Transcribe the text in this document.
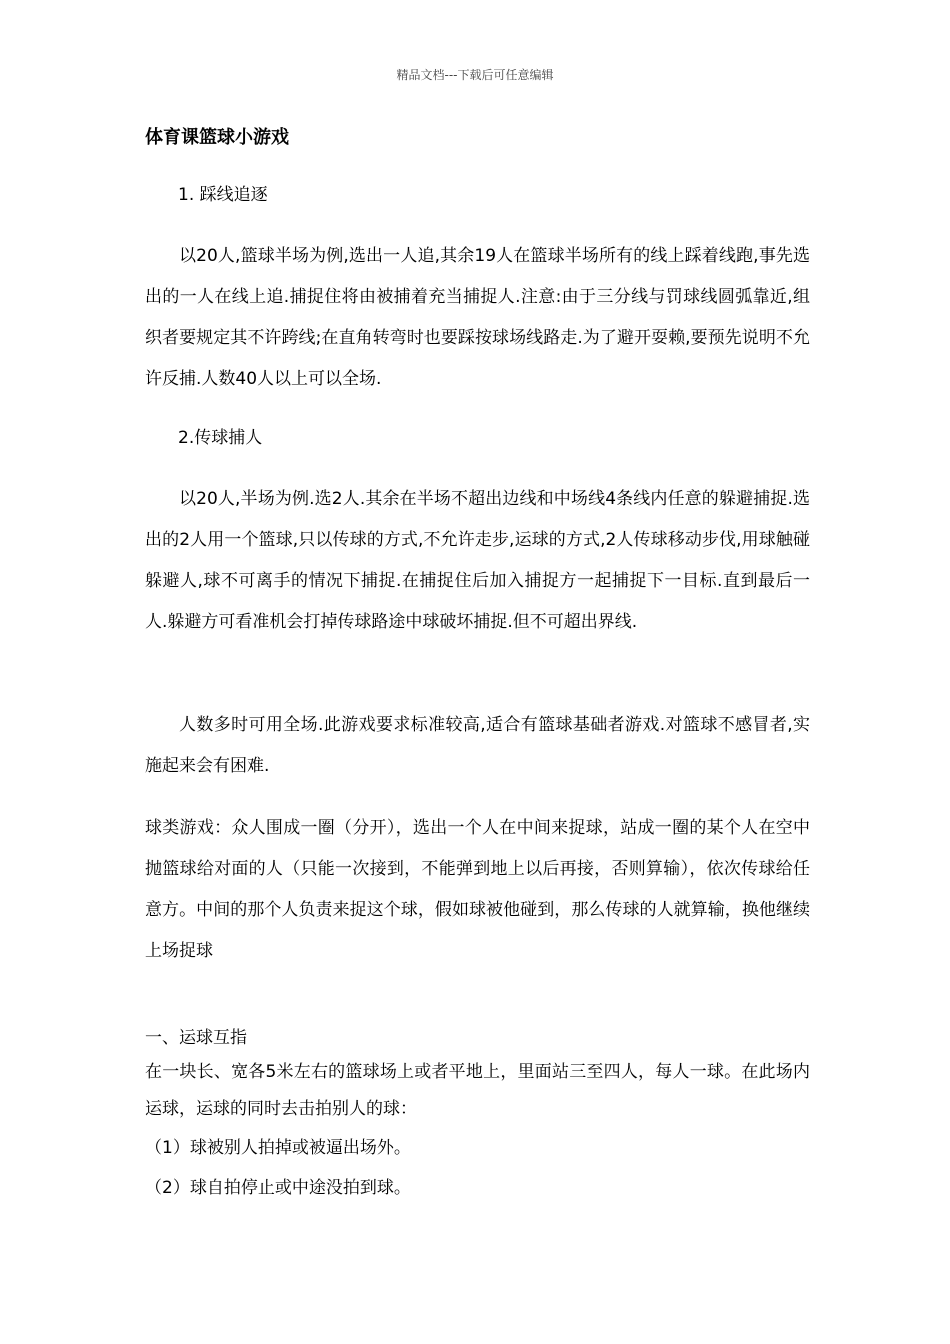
精品文档---下载后可任意编辑
体育课篮球小游戏
1. 踩线追逐
以20人,篮球半场为例,选出一人追,其余19人在篮球半场所有的线上踩着线跑,事先选出的一人在线上追.捕捉住将由被捕着充当捕捉人.注意:由于三分线与罚球线圆弧靠近,组织者要规定其不许跨线;在直角转弯时也要踩按球场线路走.为了避开耍赖,要预先说明不允许反捕.人数40人以上可以全场.
2.传球捕人
以20人,半场为例.选2人.其余在半场不超出边线和中场线4条线内任意的躲避捕捉.选出的2人用一个篮球,只以传球的方式,不允许走步,运球的方式,2人传球移动步伐,用球触碰躲避人,球不可离手的情况下捕捉.在捕捉住后加入捕捉方一起捕捉下一目标.直到最后一人.躲避方可看准机会打掉传球路途中球破坏捕捉.但不可超出界线.
人数多时可用全场.此游戏要求标准较高,适合有篮球基础者游戏.对篮球不感冒者,实施起来会有困难.
球类游戏：众人围成一圈（分开），选出一个人在中间来捉球，站成一圈的某个人在空中抛篮球给对面的人（只能一次接到，不能弹到地上以后再接，否则算输），依次传球给任意方。中间的那个人负责来捉这个球，假如球被他碰到，那么传球的人就算输，换他继续上场捉球
一、运球互指
在一块长、宽各5米左右的篮球场上或者平地上，里面站三至四人，每人一球。在此场内运球，运球的同时去击拍别人的球：
（1）球被别人拍掉或被逼出场外。
（2）球自拍停止或中途没拍到球。
